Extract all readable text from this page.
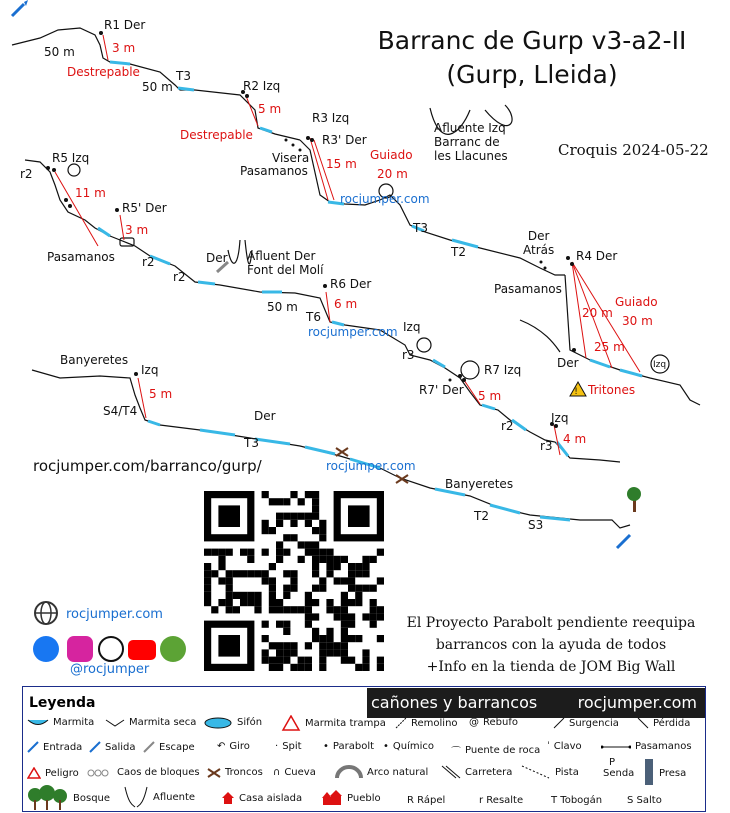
!
Barranc de Gurp v3-a2-II
(Gurp, Lleida)
Croquis 2024-05-22
R1 Der
3 m
Destrepable
50 m
T3
50 m	R2 Izq
5 m
R3 Izq
Destrepable	R3' Der
Visera
Pasamanos 15 m
Guiado
20 m
Afluente Izq
Barranc de
les Llacunes
rocjumper.com
R5 Izq
r2
11 m
R5' Der
3 m
Pasamanos r2
r2
T3
T2
Der Afluent Der
Font del Molí
R6 Der
6 m
50 m
T6
rocjumper.com Izq
r3
Der
Atrás R4 Der
Pasamanos
Guiado
20 m
30 m
25 m
Der	Izq
Tritones
Banyeretes
Izq
5 m
S4/T4
R7 Izq
R7' Der 5 m
Der
T3
Izq
r2
r3 4 m
rocjumper.com
Banyeretes
T2
S3
rocjumper.com/barranco/gurp/
rocjumper.com
@rocjumper
El Proyecto Parabolt pendiente reequipa
barrancos con la ayuda de todos
+Info en la tienda de JOM Big Wall
Leyenda	cañones y barrancos	rocjumper.com
Marmita	Marmita seca	Sifón	Marmita trampa	Remolino @ Rebufo	Surgencia	Pérdida
Entrada Salida Escape ↶ Giro	· Spit • Parabolt • Químico
⌒ Puente de roca ˈ Clavo	Pasamanos
Peligro	Caos de bloques	Troncos ∩ Cueva	Arco natural	Carretera	Pista
P
Senda Presa
Bosque	Afluente	Casa aislada	Pueblo	R Rápel	r Resalte	T Tobogán S Salto
